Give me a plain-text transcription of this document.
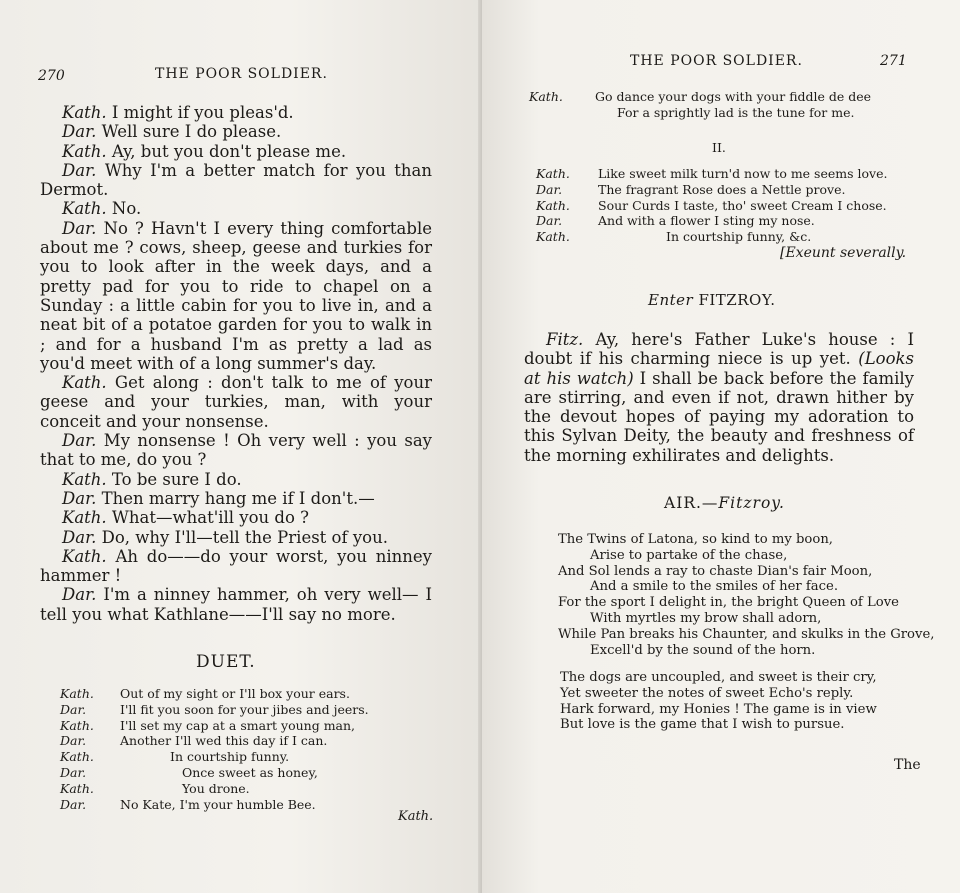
270	THE POOR SOLDIER.

Kath. I might if you pleas'd.

Dar. Well sure I do please.

Kath. Ay, but you don't please me.

Dar. Why I'm a better match for you than Dermot.

Kath. No.

Dar. No ? Havn't I every thing comfortable about me ? cows, sheep, geese and turkies for you to look after in the week days, and a pretty pad for you to ride to chapel on a Sunday : a little cabin for you to live in, and a neat bit of a potatoe garden for you to walk in ; and for a husband I'm as pretty a lad as you'd meet with of a long summer's day.

Kath. Get along : don't talk to me of your geese and your turkies, man, with your conceit and your nonsense.

Dar. My nonsense ! Oh very well : you say that to me, do you ?

Kath. To be sure I do.

Dar. Then marry hang me if I don't.—

Kath. What—what'ill you do ?

Dar. Do, why I'll—tell the Priest of you.

Kath. Ah do——do your worst, you ninney hammer !

Dar. I'm a ninney hammer, oh very well— I tell you what Kathlane——I'll say no more.

DUET.
Kath.	Out of my sight or I'll box your ears.
Dar.	I'll fit you soon for your jibes and jeers.
Kath.	I'll set my cap at a smart young man,
Dar.	Another I'll wed this day if I can.
Kath.	In courtship funny.
Dar.	Once sweet as honey,
Kath.	You drone.
Dar.	No Kate, I'm your humble Bee.
Kath.
THE POOR SOLDIER.	271
Kath.	Go dance your dogs with your fiddle de dee
For a sprightly lad is the tune for me.
II.
Kath.	Like sweet milk turn'd now to me seems love.
Dar.	The fragrant Rose does a Nettle prove.
Kath.	Sour Curds I taste, tho' sweet Cream I chose.
Dar.	And with a flower I sting my nose.
Kath.	In courtship funny, &c.
[Exeunt severally.
Enter FITZROY.

Fitz. Ay, here's Father Luke's house : I doubt if his charming niece is up yet. (Looks at his watch) I shall be back before the family are stirring, and even if not, drawn hither by the devout hopes of paying my adoration to this Sylvan Deity, the beauty and freshness of the morning exhilirates and delights.

AIR.—Fitzroy.
The Twins of Latona, so kind to my boon,
Arise to partake of the chase,
And Sol lends a ray to chaste Dian's fair Moon,
And a smile to the smiles of her face.
For the sport I delight in, the bright Queen of Love
With myrtles my brow shall adorn,
While Pan breaks his Chaunter, and skulks in the Grove,
Excell'd by the sound of the horn.
The dogs are uncoupled, and sweet is their cry,
Yet sweeter the notes of sweet Echo's reply.
Hark forward, my Honies ! The game is in view
But love is the game that I wish to pursue.
The
